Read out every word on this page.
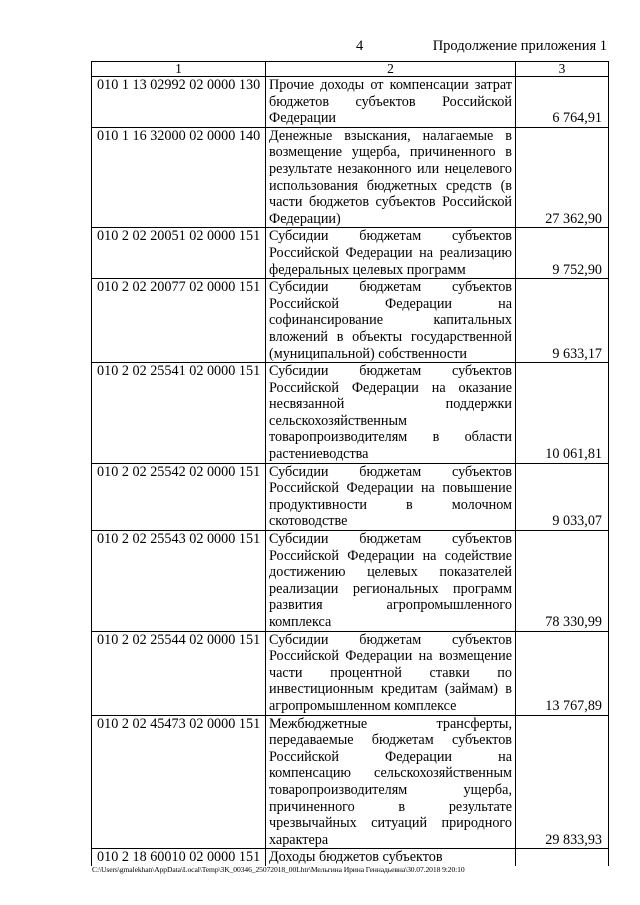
4	Продолжение приложения 1
1	2	3
010 1 13 02992 02 0000 130	Прочие доходы от компенсации затрат бюджетов субъектов Российской Федерации	6 764,91
010 1 16 32000 02 0000 140	Денежные взыскания, налагаемые в возмещение ущерба, причиненного в результате незаконного или нецелевого использования бюджетных средств (в части бюджетов субъектов Российской Федерации)	27 362,90
010 2 02 20051 02 0000 151	Субсидии бюджетам субъектов Российской Федерации на реализацию федеральных целевых программ	9 752,90
010 2 02 20077 02 0000 151	Субсидии бюджетам субъектов Российской Федерации на софинансирование капитальных вложений в объекты государственной (муниципальной) собственности	9 633,17
010 2 02 25541 02 0000 151	Субсидии бюджетам субъектов Российской Федерации на оказание несвязанной поддержки сельскохозяйственным товаропроизводителям в области растениеводства	10 061,81
010 2 02 25542 02 0000 151	Субсидии бюджетам субъектов Российской Федерации на повышение продуктивности в молочном скотоводстве	9 033,07
010 2 02 25543 02 0000 151	Субсидии бюджетам субъектов Российской Федерации на содействие достижению целевых показателей реализации региональных программ развития агропромышленного комплекса	78 330,99
010 2 02 25544 02 0000 151	Субсидии бюджетам субъектов Российской Федерации на возмещение части процентной ставки по инвестиционным кредитам (займам) в агропромышленном комплексе	13 767,89
010 2 02 45473 02 0000 151	Межбюджетные трансферты, передаваемые бюджетам субъектов Российской Федерации на компенсацию сельскохозяйственным товаропроизводителям ущерба, причиненного в результате чрезвычайных ситуаций природного характера	29 833,93
010 2 18 60010 02 0000 151	Доходы бюджетов субъектов	
C:\Users\gmalekhan\AppData\Local\Temp\3K_00346_25072018_00Lhtr\Мельгина Ирина Геннадьевна\30.07.2018 9:20:10
